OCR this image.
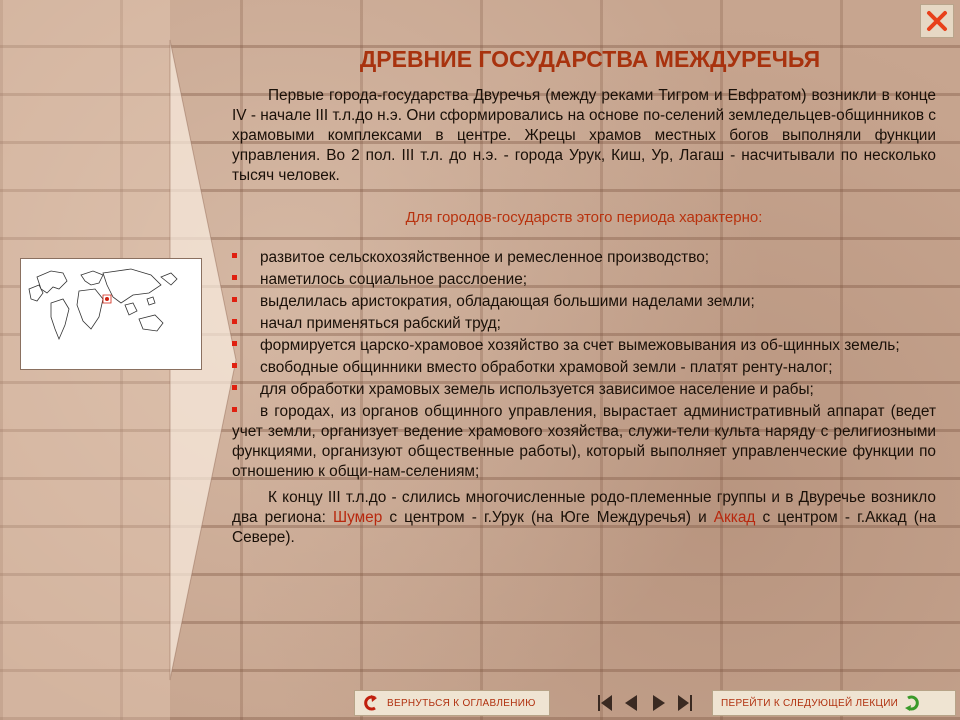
ДРЕВНИЕ ГОСУДАРСТВА МЕЖДУРЕЧЬЯ

Первые города-государства Двуречья (между реками Тигром и Евфратом) возникли в конце IV - начале III т.л.до н.э. Они сформировались на основе по-селений земледельцев-общинников с храмовыми комплексами в центре. Жрецы храмов местных богов выполняли функции управления. Во 2 пол. III т.л. до н.э. - города Урук, Киш, Ур, Лагаш - насчитывали по несколько тысяч человек.

Для городов-государств этого периода характерно:
развитое сельскохозяйственное и ремесленное производство;
наметилось социальное расслоение;
выделилась аристократия, обладающая большими наделами земли;
начал применяться рабский труд;
формируется царско-храмовое хозяйство за счет вымежовывания из об-щинных земель;
свободные общинники вместо обработки храмовой земли - платят ренту-налог;
для обработки храмовых земель используется зависимое население и рабы;
в городах, из органов общинного управления, вырастает административный аппарат (ведет учет земли, организует ведение храмового хозяйства, служи-тели культа наряду с религиозными функциями, организуют общественные работы), который выполняет управленческие функции по отношению к общи-нам-селениям;

К концу III т.л.до - слились многочисленные родо-племенные группы и в Двуречье возникло два региона: Шумер с центром - г.Урук (на Юге Междуречья) и Аккад с центром - г.Аккад (на Севере).

ВЕРНУТЬСЯ К ОГЛАВЛЕНИЮ	ПЕРЕЙТИ К СЛЕДУЮЩЕЙ ЛЕКЦИИ
